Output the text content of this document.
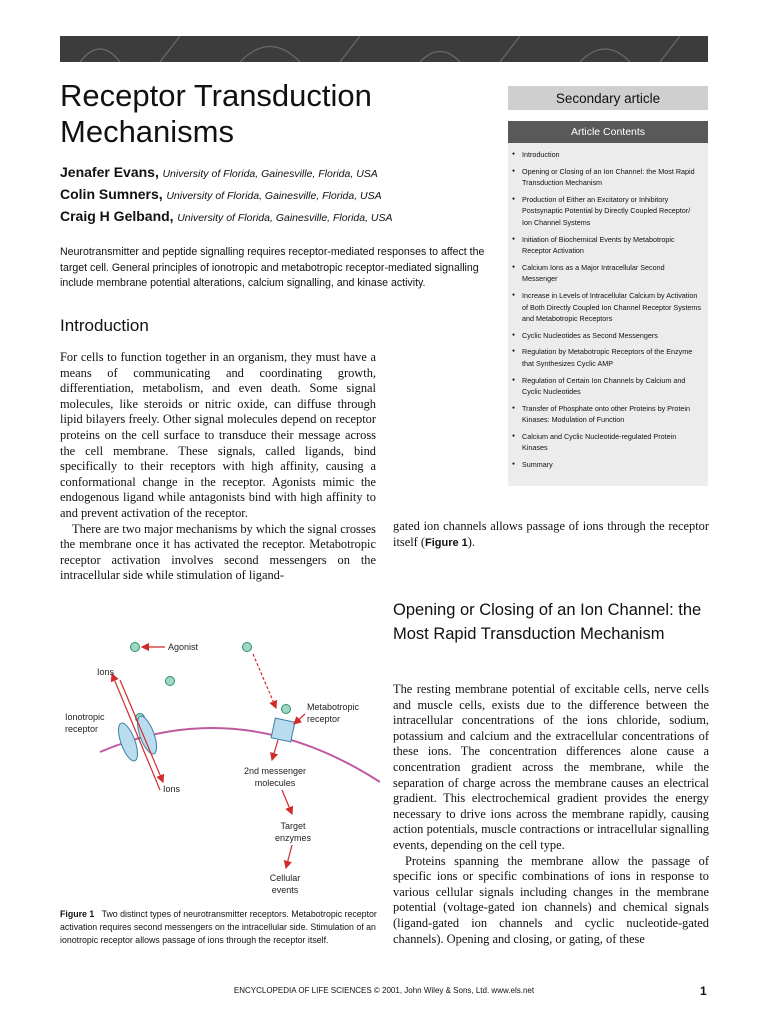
Receptor Transduction Mechanisms
Secondary article
Jenafer Evans, University of Florida, Gainesville, Florida, USA
Colin Sumners, University of Florida, Gainesville, Florida, USA
Craig H Gelband, University of Florida, Gainesville, Florida, USA

Neurotransmitter and peptide signalling requires receptor-mediated responses to affect the target cell. General principles of ionotropic and metabotropic receptor-mediated signalling include membrane potential alterations, calcium signalling, and kinase activity.

Article Contents
● Introduction
● Opening or Closing of an Ion Channel: the Most Rapid Transduction Mechanism
● Production of Either an Excitatory or Inhibitory Postsynaptic Potential by Directly Coupled Receptor/ Ion Channel Systems
● Initiation of Biochemical Events by Metabotropic Receptor Activation
● Calcium Ions as a Major Intracellular Second Messenger
● Increase in Levels of Intracellular Calcium by Activation of Both Directly Coupled Ion Channel Receptor Systems and Metabotropic Receptors
● Cyclic Nucleotides as Second Messengers
● Regulation by Metabotropic Receptors of the Enzyme that Synthesizes Cyclic AMP
● Regulation of Certain Ion Channels by Calcium and Cyclic Nucleotides
● Transfer of Phosphate onto other Proteins by Protein Kinases: Modulation of Function
● Calcium and Cyclic Nucleotide-regulated Protein Kinases
● Summary
Introduction

For cells to function together in an organism, they must have a means of communicating and coordinating growth, differentiation, metabolism, and even death. Some signal molecules, like steroids or nitric oxide, can diffuse through lipid bilayers freely. Other signal molecules depend on receptor proteins on the cell surface to transduce their message across the cell membrane. These signals, called ligands, bind specifically to their receptors with high affinity, causing a conformational change in the receptor. Agonists mimic the endogenous ligand while antagonists bind with high affinity to and prevent activation of the receptor.

There are two major mechanisms by which the signal crosses the membrane once it has activated the receptor. Metabotropic receptor activation involves second messengers on the intracellular side while stimulation of ligand-

gated ion channels allows passage of ions through the receptor itself (Figure 1).

Opening or Closing of an Ion Channel: the Most Rapid Transduction Mechanism

The resting membrane potential of excitable cells, nerve cells and muscle cells, exists due to the difference between the intracellular concentrations of the ions chloride, sodium, potassium and calcium and the extracellular concentrations of these ions. The concentration differences alone cause a concentration gradient across the membrane, while the separation of charge across the membrane causes an electrical gradient. This electrochemical gradient provides the energy necessary to drive ions across the membrane rapidly, causing action potentials, muscle contractions or intracellular signalling events, depending on the cell type.

Proteins spanning the membrane allow the passage of specific ions or specific combinations of ions in response to various cellular signals including changes in the membrane potential (voltage-gated ion channels) and chemical signals (ligand-gated ion channels and cyclic nucleotide-gated channels). Opening and closing, or gating, of these

Agonist
Ions
Ionotropic
receptor
Ions
Metabotropic
receptor
2nd messenger
molecules
Target
enzymes
Cellular
events

Figure 1 Two distinct types of neurotransmitter receptors. Metabotropic receptor activation requires second messengers on the intracellular side. Stimulation of an ionotropic receptor allows passage of ions through the receptor itself.

ENCYCLOPEDIA OF LIFE SCIENCES © 2001, John Wiley & Sons, Ltd. www.els.net	1
